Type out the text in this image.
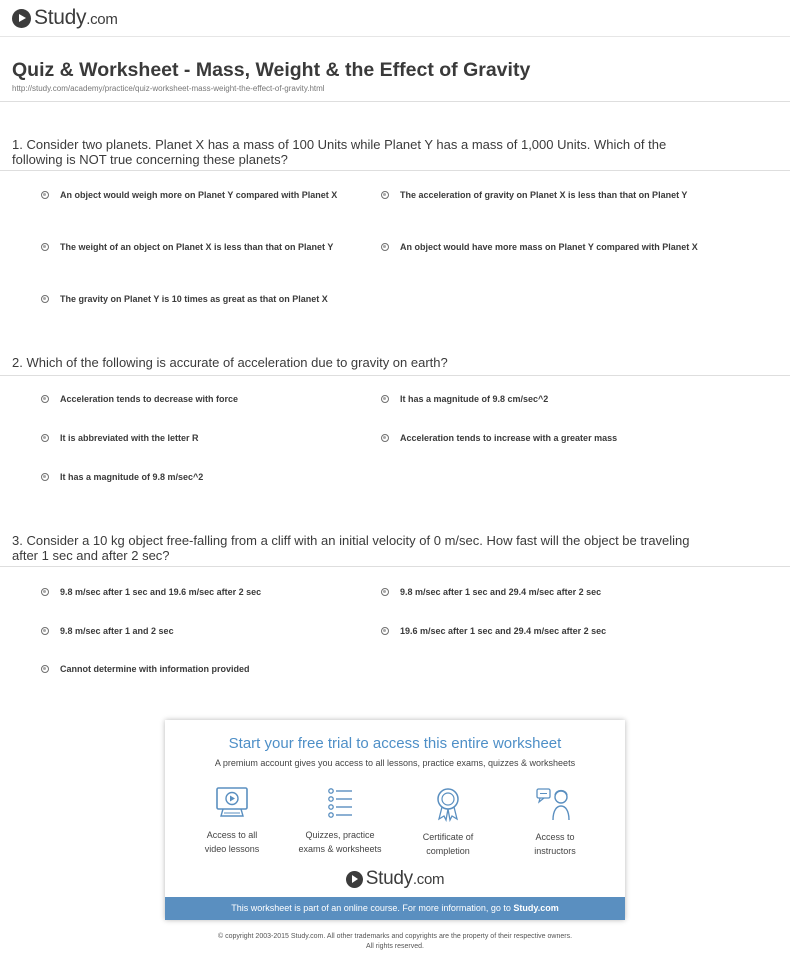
Study.com
Quiz & Worksheet - Mass, Weight & the Effect of Gravity
http://study.com/academy/practice/quiz-worksheet-mass-weight-the-effect-of-gravity.html
1. Consider two planets. Planet X has a mass of 100 Units while Planet Y has a mass of 1,000 Units. Which of the following is NOT true concerning these planets?
An object would weigh more on Planet Y compared with Planet X	The acceleration of gravity on Planet X is less than that on Planet Y
The weight of an object on Planet X is less than that on Planet Y	An object would have more mass on Planet Y compared with Planet X
The gravity on Planet Y is 10 times as great as that on Planet X
2. Which of the following is accurate of acceleration due to gravity on earth?
Acceleration tends to decrease with force	It has a magnitude of 9.8 cm/sec^2
It is abbreviated with the letter R	Acceleration tends to increase with a greater mass
It has a magnitude of 9.8 m/sec^2
3. Consider a 10 kg object free-falling from a cliff with an initial velocity of 0 m/sec. How fast will the object be traveling after 1 sec and after 2 sec?
9.8 m/sec after 1 sec and 19.6 m/sec after 2 sec	9.8 m/sec after 1 sec and 29.4 m/sec after 2 sec
9.8 m/sec after 1 and 2 sec	19.6 m/sec after 1 sec and 29.4 m/sec after 2 sec
Cannot determine with information provided
Start your free trial to access this entire worksheet
A premium account gives you access to all lessons, practice exams, quizzes & worksheets
Access to all
video lessons
Quizzes, practice
exams & worksheets
Certificate of
completion
Access to
instructors
Study.com
This worksheet is part of an online course. For more information, go to Study.com
© copyright 2003-2015 Study.com. All other trademarks and copyrights are the property of their respective owners.
All rights reserved.
